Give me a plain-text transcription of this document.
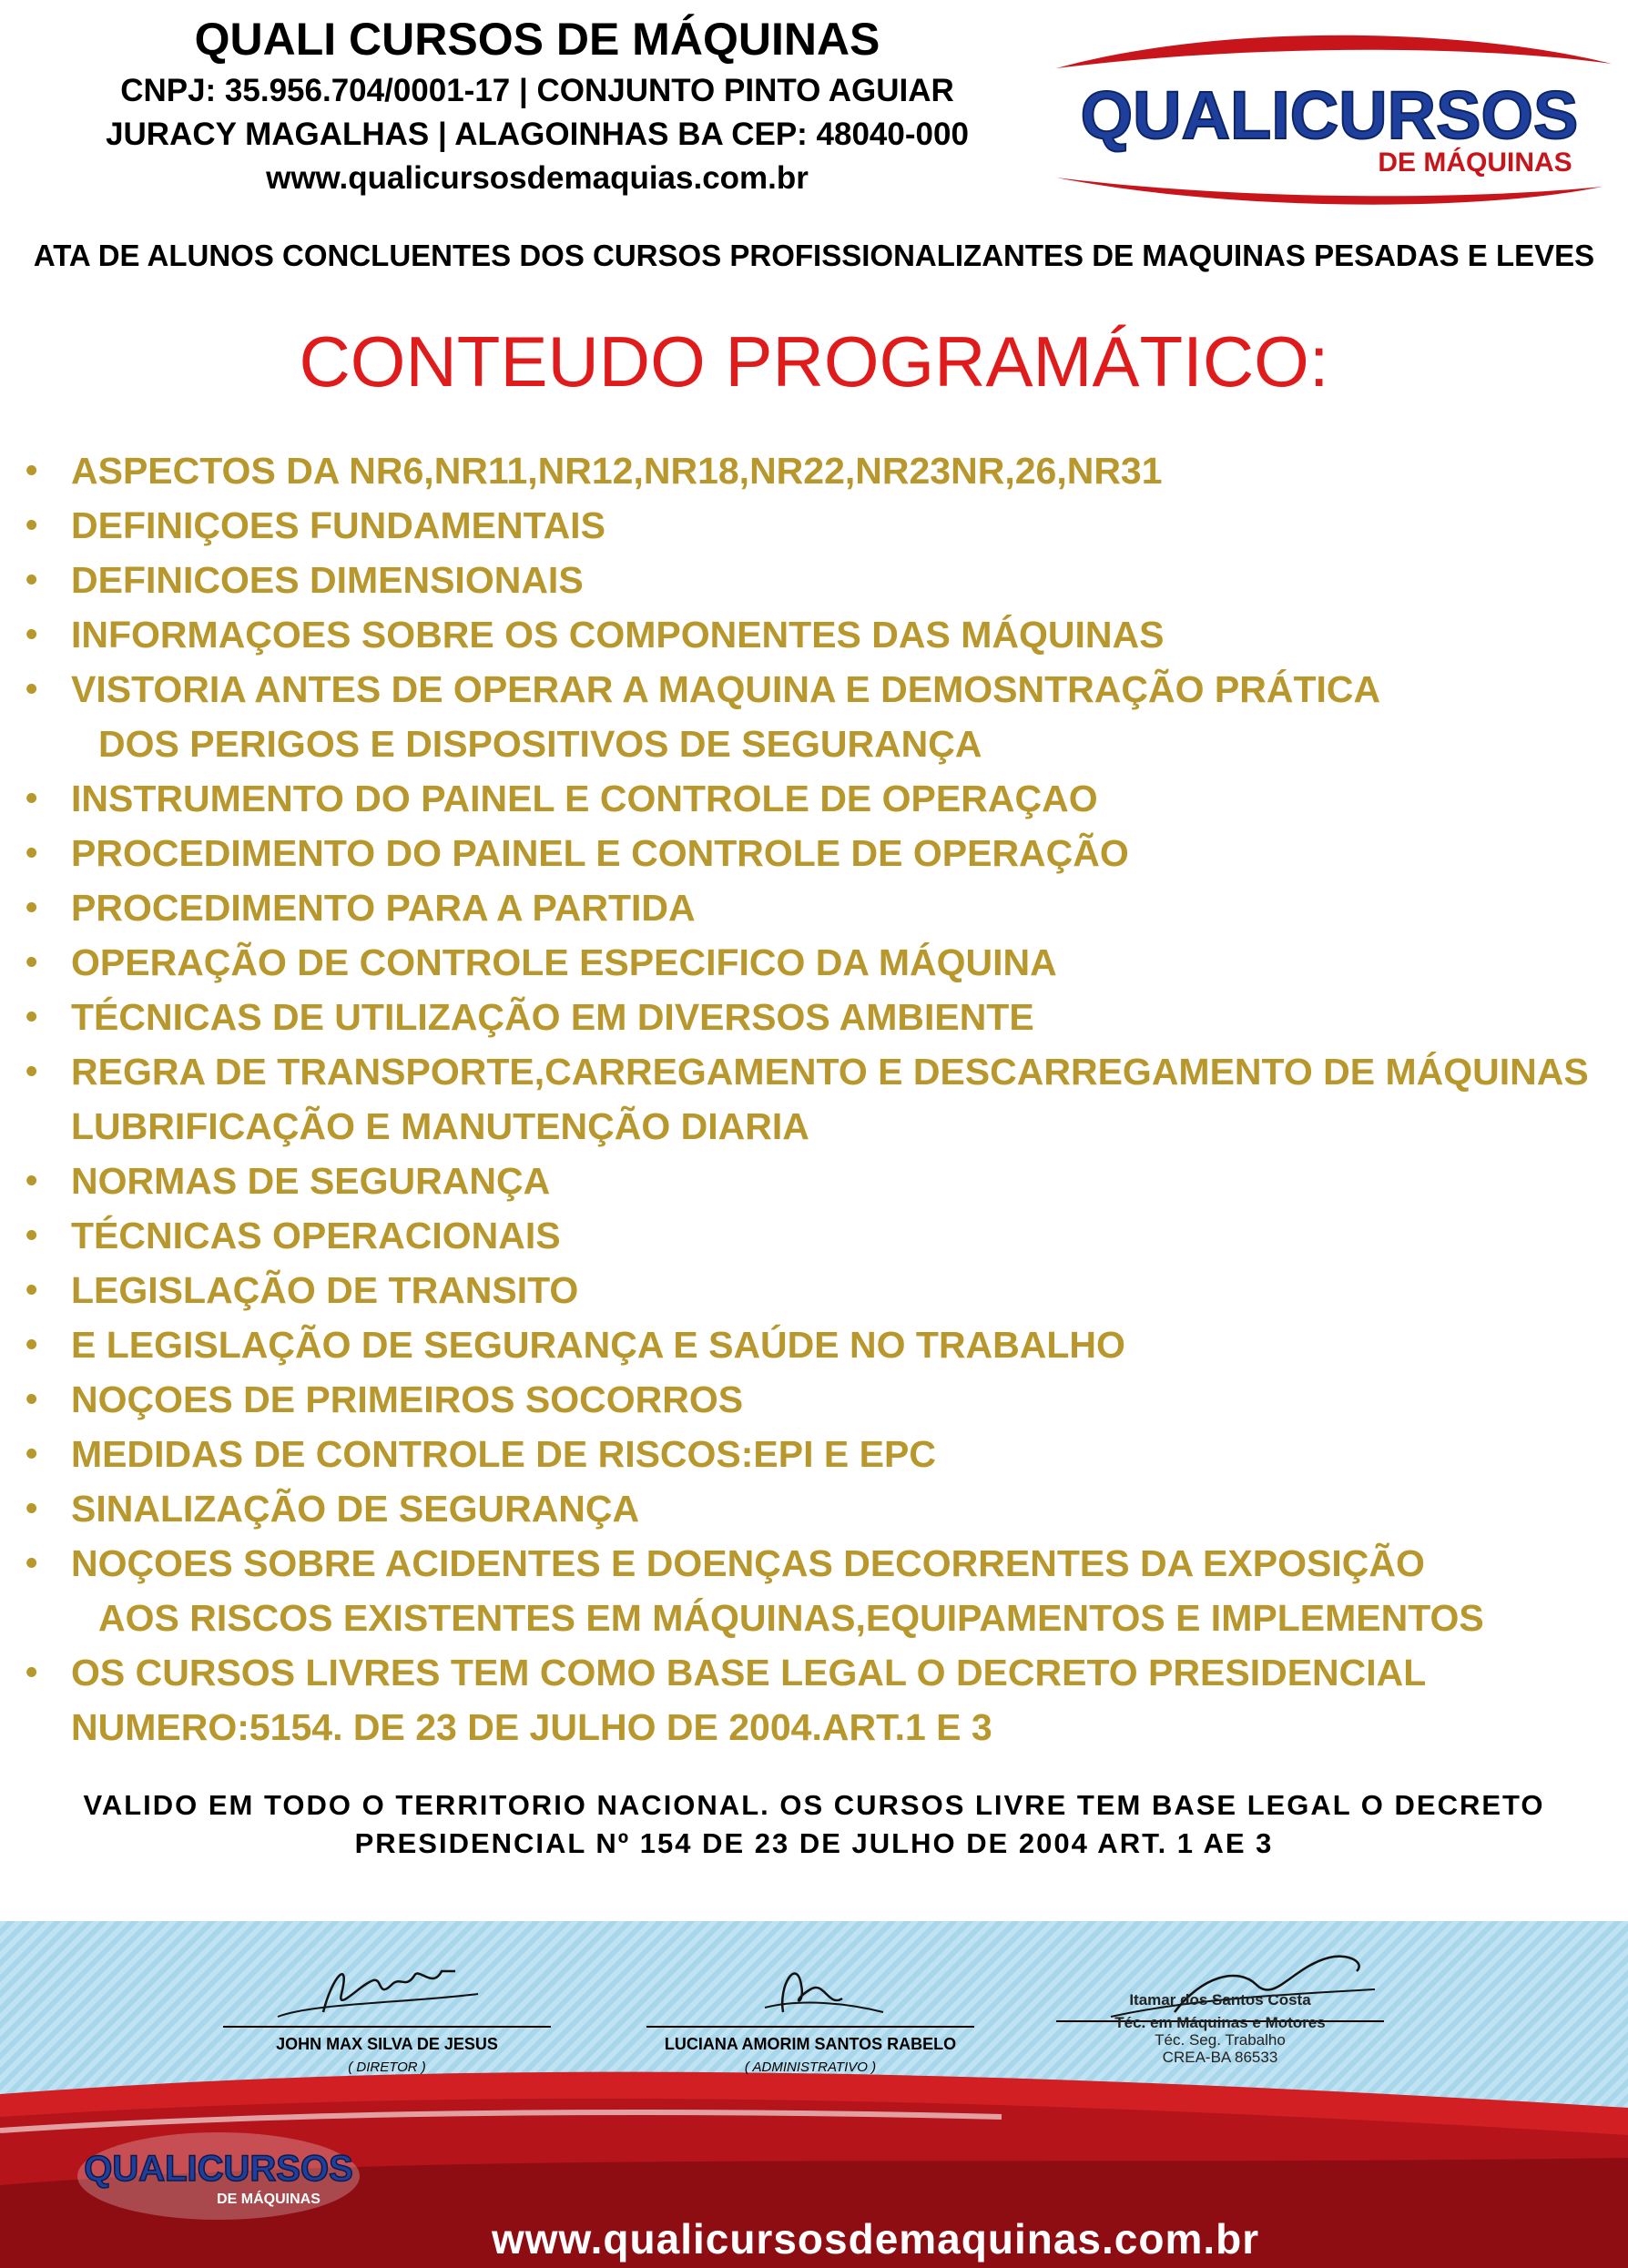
QUALI CURSOS DE MÁQUINAS
CNPJ: 35.956.704/0001-17 | CONJUNTO PINTO AGUIAR
JURACY MAGALHAS | ALAGOINHAS BA CEP: 48040-000
www.qualicursosdemaquias.com.br
QUALICURSOS
DE MÁQUINAS
ATA DE ALUNOS CONCLUENTES DOS CURSOS PROFISSIONALIZANTES DE MAQUINAS PESADAS E LEVES
CONTEUDO PROGRAMÁTICO:
• ASPECTOS DA NR6,NR11,NR12,NR18,NR22,NR23NR,26,NR31
• DEFINIÇOES FUNDAMENTAIS
• DEFINICOES DIMENSIONAIS
• INFORMAÇOES SOBRE OS COMPONENTES DAS MÁQUINAS
• VISTORIA ANTES DE OPERAR A MAQUINA E DEMOSNTRAÇÃO PRÁTICA
DOS PERIGOS E DISPOSITIVOS DE SEGURANÇA
• INSTRUMENTO DO PAINEL E CONTROLE DE OPERAÇAO
• PROCEDIMENTO DO PAINEL E CONTROLE DE OPERAÇÃO
• PROCEDIMENTO PARA A PARTIDA
• OPERAÇÃO DE CONTROLE ESPECIFICO DA MÁQUINA
• TÉCNICAS DE UTILIZAÇÃO EM DIVERSOS AMBIENTE
• REGRA DE TRANSPORTE,CARREGAMENTO E DESCARREGAMENTO DE MÁQUINAS
LUBRIFICAÇÃO E MANUTENÇÃO DIARIA
• NORMAS DE SEGURANÇA
• TÉCNICAS OPERACIONAIS
• LEGISLAÇÃO DE TRANSITO
• E LEGISLAÇÃO DE SEGURANÇA E SAÚDE NO TRABALHO
• NOÇOES DE PRIMEIROS SOCORROS
• MEDIDAS DE CONTROLE DE RISCOS:EPI E EPC
• SINALIZAÇÃO DE SEGURANÇA
• NOÇOES SOBRE ACIDENTES E DOENÇAS DECORRENTES DA EXPOSIÇÃO
AOS RISCOS EXISTENTES EM MÁQUINAS,EQUIPAMENTOS E IMPLEMENTOS
• OS CURSOS LIVRES TEM COMO BASE LEGAL O DECRETO PRESIDENCIAL
NUMERO:5154. DE 23 DE JULHO DE 2004.ART.1 E 3
VALIDO EM TODO O TERRITORIO NACIONAL. OS CURSOS LIVRE TEM BASE LEGAL O DECRETO
PRESIDENCIAL Nº 154 DE 23 DE JULHO DE 2004 ART. 1 AE 3
JOHN MAX SILVA DE JESUS
( DIRETOR )
LUCIANA AMORIM SANTOS RABELO
( ADMINISTRATIVO )
Itamar dos Santos Costa
Téc. em Máquinas e Motores
Téc. Seg. Trabalho
CREA-BA 86533
QUALICURSOS
DE MÁQUINAS
www.qualicursosdemaquinas.com.br
